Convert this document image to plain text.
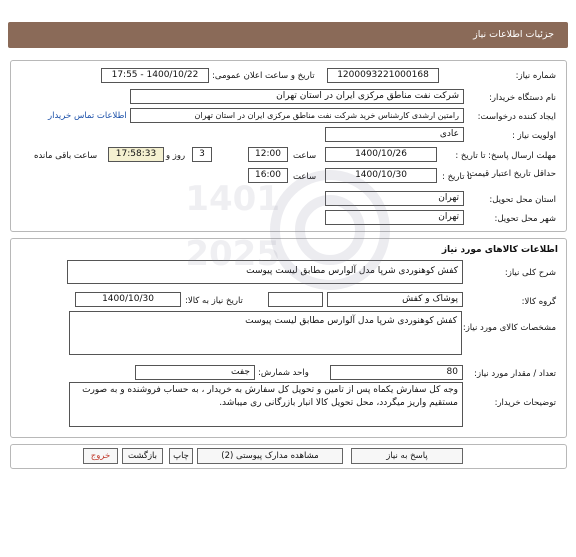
جزئیات اطلاعات نیاز
شماره نیاز:
1200093221000168
تاریخ و ساعت اعلان عمومی:
1400/10/22 - 17:55
نام دستگاه خریدار:
شرکت نفت مناطق مرکزی ایران در استان تهران
ایجاد کننده درخواست:
رامتین ارشدی کارشناس خرید شرکت نفت مناطق مرکزی ایران در استان تهران
اطلاعات تماس خریدار
اولویت نیاز :
عادی
مهلت ارسال پاسخ: تا تاریخ :
1400/10/26
ساعت
12:00
3
روز و
17:58:33
ساعت باقی مانده
حداقل تاریخ اعتبار قیمت:
تا تاریخ :
1400/10/30
ساعت
16:00
استان محل تحویل:
تهران
شهر محل تحویل:
تهران
اطلاعات کالاهای مورد نیاز
شرح کلی نیاز:
کفش کوهنوردی شرپا مدل آلوارس مطابق لیست پیوست
گروه کالا:
پوشاک و کفش
تاریخ نیاز به کالا:
1400/10/30
مشخصات کالای مورد نیاز:
کفش کوهنوردی شرپا مدل آلوارس مطابق لیست پیوست
تعداد / مقدار مورد نیاز:
80
واحد شمارش:
جفت
توضیحات خریدار:
وجه کل سفارش یکماه پس از تامین و تحویل کل سفارش به خریدار ، به حساب فروشنده و به صورت مستقیم واریز میگردد، محل تحویل کالا انبار بازرگانی ری میباشد.
پاسخ به نیاز
مشاهده مدارک پیوستی (2)
چاپ
بازگشت
خروج
